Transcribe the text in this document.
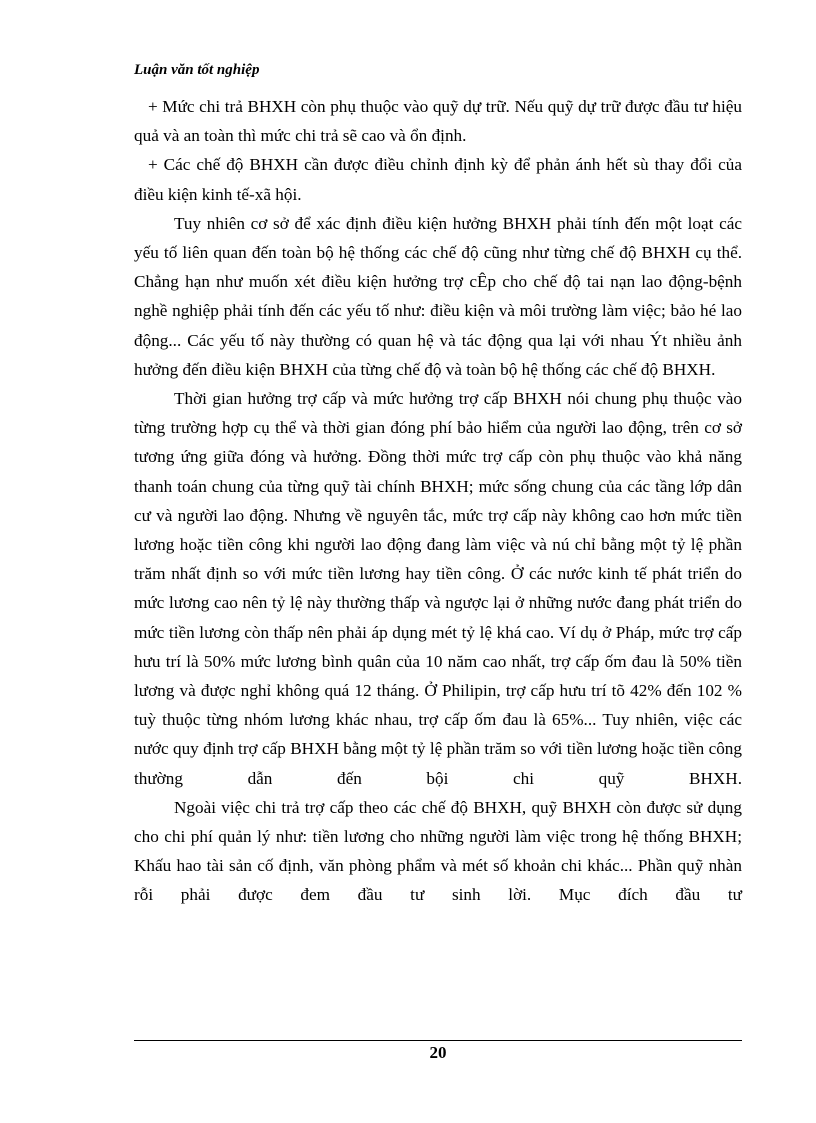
Luận văn tốt nghiệp

+ Mức chi trả BHXH còn phụ thuộc vào quỹ dự trữ. Nếu quỹ dự trữ được đầu tư hiệu quả và an toàn thì mức chi trả sẽ cao và ổn định.

+ Các chế độ BHXH cần được điều chỉnh định kỳ để phản ánh hết sù thay đổi của điều kiện kinh tế-xã hội.

Tuy nhiên cơ sở để xác định điều kiện hưởng BHXH phải tính đến một loạt các yếu tố liên quan đến toàn bộ hệ thống các chế độ cũng như từng chế độ BHXH cụ thể. Chẳng hạn như muốn xét điều kiện hưởng trợ cÊp cho chế độ tai nạn lao động-bệnh nghề nghiệp phải tính đến các yếu tố như: điều kiện và môi trường làm việc; bảo hé lao động... Các yếu tố này thường có quan hệ và tác động qua lại với nhau Ýt nhiều ảnh hưởng đến điều kiện BHXH của từng chế độ và toàn bộ hệ thống các chế độ BHXH.

Thời gian hưởng trợ cấp và mức hưởng trợ cấp BHXH nói chung phụ thuộc vào từng trường hợp cụ thể và thời gian đóng phí bảo hiểm của người lao động, trên cơ sở tương ứng giữa đóng và hưởng. Đồng thời mức trợ cấp còn phụ thuộc vào khả năng thanh toán chung của từng quỹ tài chính BHXH; mức sống chung của các tầng lớp dân cư và người lao động. Nhưng về nguyên tắc, mức trợ cấp này không cao hơn mức tiền lương hoặc tiền công khi người lao động đang làm việc và nú chỉ bằng một tỷ lệ phần trăm nhất định so với mức tiền lương hay tiền công. Ở các nước kinh tế phát triển do mức lương cao nên tỷ lệ này thường thấp và ngược lại ở những nước đang phát triển do mức tiền lương còn thấp nên phải áp dụng mét tỷ lệ khá cao. Ví dụ ở Pháp, mức trợ cấp hưu trí là 50% mức lương bình quân của 10 năm cao nhất, trợ cấp ốm đau là 50% tiền lương và được nghỉ không quá 12 tháng. Ở Philipin, trợ cấp hưu trí tõ 42% đến 102 % tuỳ thuộc từng nhóm lương khác nhau, trợ cấp ốm đau là 65%... Tuy nhiên, việc các nước quy định trợ cấp BHXH bằng một tỷ lệ phần trăm so với tiền lương hoặc tiền công thường dẫn đến bội chi quỹ BHXH.

Ngoài việc chi trả trợ cấp theo các chế độ BHXH, quỹ BHXH còn được sử dụng cho chi phí quản lý như: tiền lương cho những người làm việc trong hệ thống BHXH; Khấu hao tài sản cố định, văn phòng phẩm và mét số khoản chi khác... Phần quỹ nhàn rỗi phải được đem đầu tư sinh lời. Mục đích đầu tư

20
